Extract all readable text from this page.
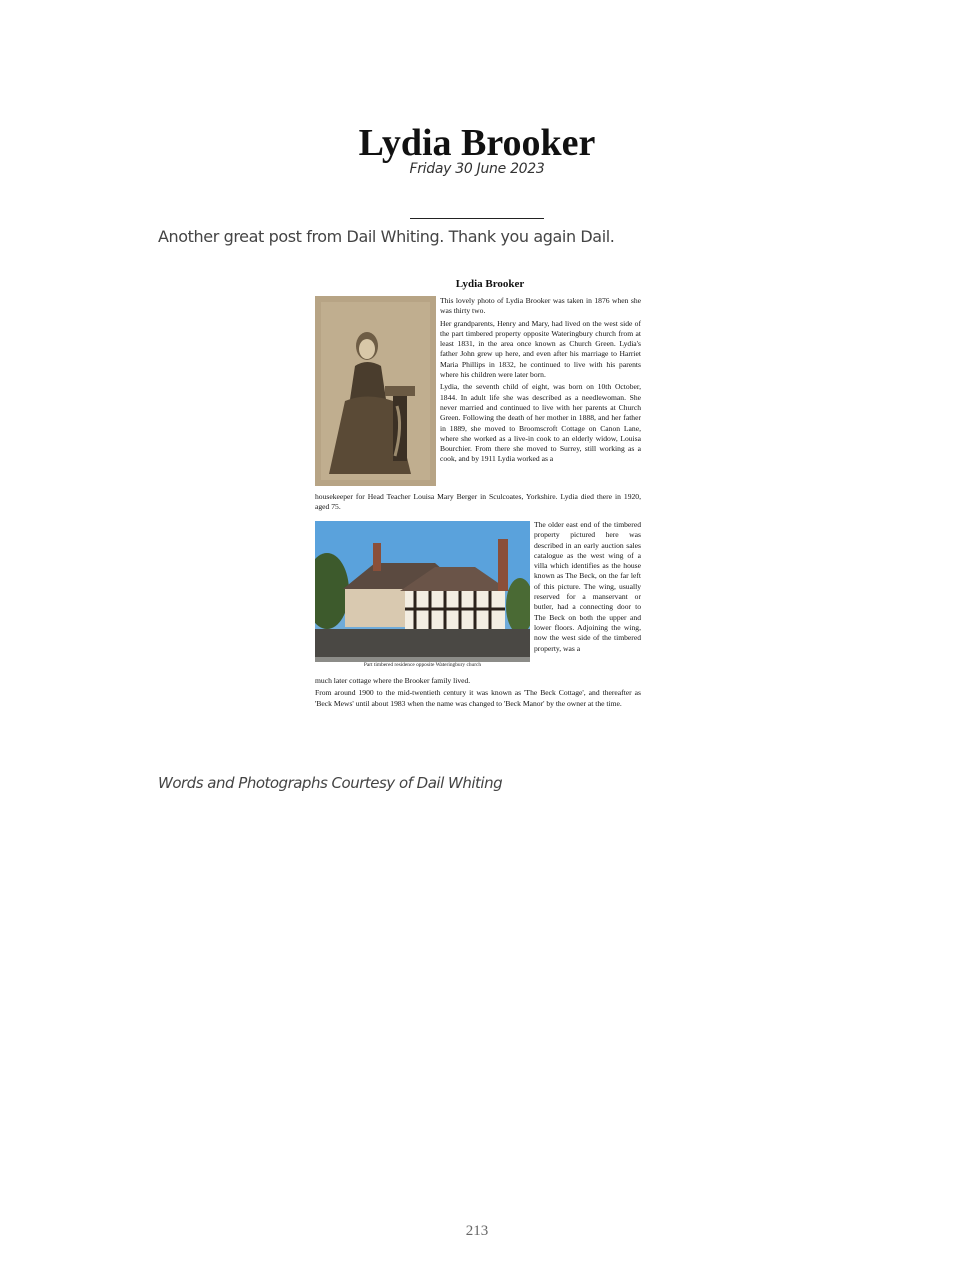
Lydia Brooker
Friday 30 June 2023
Another great post from Dail Whiting. Thank you again Dail.
Lydia Brooker

This lovely photo of Lydia Brooker was taken in 1876 when she was thirty two.

Her grandparents, Henry and Mary, had lived on the west side of the part timbered property opposite Wateringbury church from at least 1831, in the area once known as Church Green. Lydia's father John grew up here, and even after his marriage to Harriet Maria Phillips in 1832, he continued to live with his parents where his children were later born.

Lydia, the seventh child of eight, was born on 10th October, 1844. In adult life she was described as a needlewoman. She never married and continued to live with her parents at Church Green. Following the death of her mother in 1888, and her father in 1889, she moved to Broomscroft Cottage on Canon Lane, where she worked as a live-in cook to an elderly widow, Louisa Bourchier. From there she moved to Surrey, still working as a cook, and by 1911 Lydia worked as a

housekeeper for Head Teacher Louisa Mary Berger in Sculcoates, Yorkshire. Lydia died there in 1920, aged 75.

Part timbered residence opposite Wateringbury church

The older east end of the timbered property pictured here was described in an early auction sales catalogue as the west wing of a villa which identifies as the house known as The Beck, on the far left of this picture. The wing, usually reserved for a manservant or butler, had a connecting door to The Beck on both the upper and lower floors. Adjoining the wing, now the west side of the timbered property, was a

much later cottage where the Brooker family lived.

From around 1900 to the mid-twentieth century it was known as 'The Beck Cottage', and thereafter as 'Beck Mews' until about 1983 when the name was changed to 'Beck Manor' by the owner at the time.

Words and Photographs Courtesy of Dail Whiting
213
